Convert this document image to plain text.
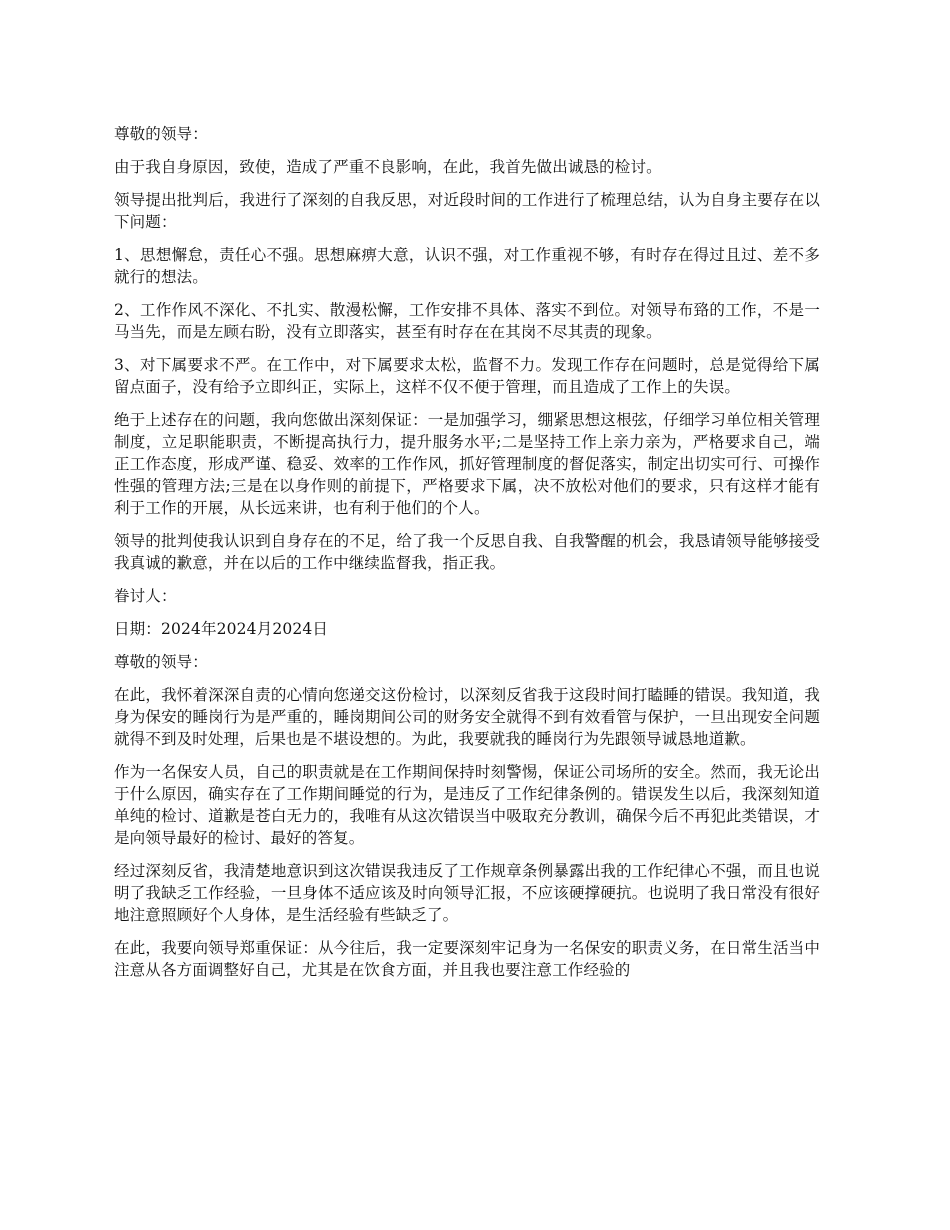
尊敬的领导：

由于我自身原因，致使，造成了严重不良影响，在此，我首先做出诚恳的检讨。

领导提出批判后，我进行了深刻的自我反思，对近段时间的工作进行了梳理总结，认为自身主要存在以下问题：

1、思想懈怠，责任心不强。思想麻痹大意，认识不强，对工作重视不够，有时存在得过且过、差不多就行的想法。

2、工作作风不深化、不扎实、散漫松懈，工作安排不具体、落实不到位。对领导布臵的工作，不是一马当先，而是左顾右盼，没有立即落实，甚至有时存在在其岗不尽其责的现象。

3、对下属要求不严。在工作中，对下属要求太松，监督不力。发现工作存在问题时，总是觉得给下属留点面子，没有给予立即纠正，实际上，这样不仅不便于管理，而且造成了工作上的失误。

绝于上述存在的问题，我向您做出深刻保证：一是加强学习，绷紧思想这根弦，仔细学习单位相关管理制度，立足职能职责，不断提高执行力，提升服务水平;二是坚持工作上亲力亲为，严格要求自己，端正工作态度，形成严谨、稳妥、效率的工作作风，抓好管理制度的督促落实，制定出切实可行、可操作性强的管理方法;三是在以身作则的前提下，严格要求下属，决不放松对他们的要求，只有这样才能有利于工作的开展，从长远来讲，也有利于他们的个人。

领导的批判使我认识到自身存在的不足，给了我一个反思自我、自我警醒的机会，我恳请领导能够接受我真诚的歉意，并在以后的工作中继续监督我，指正我。

眷讨人：

日期：2024年2024月2024日

尊敬的领导：

在此，我怀着深深自责的心情向您递交这份检讨，以深刻反省我于这段时间打瞌睡的错误。我知道，我身为保安的睡岗行为是严重的，睡岗期间公司的财务安全就得不到有效看管与保护，一旦出现安全问题就得不到及时处理，后果也是不堪设想的。为此，我要就我的睡岗行为先跟领导诚恳地道歉。

作为一名保安人员，自己的职责就是在工作期间保持时刻警惕，保证公司场所的安全。然而，我无论出于什么原因，确实存在了工作期间睡觉的行为，是违反了工作纪律条例的。错误发生以后，我深刻知道单纯的检讨、道歉是苍白无力的，我唯有从这次错误当中吸取充分教训，确保今后不再犯此类错误，才是向领导最好的检讨、最好的答复。

经过深刻反省，我清楚地意识到这次错误我违反了工作规章条例暴露出我的工作纪律心不强，而且也说明了我缺乏工作经验，一旦身体不适应该及时向领导汇报，不应该硬撑硬抗。也说明了我日常没有很好地注意照顾好个人身体，是生活经验有些缺乏了。

在此，我要向领导郑重保证：从今往后，我一定要深刻牢记身为一名保安的职责义务，在日常生活当中注意从各方面调整好自己，尤其是在饮食方面，并且我也要注意工作经验的
